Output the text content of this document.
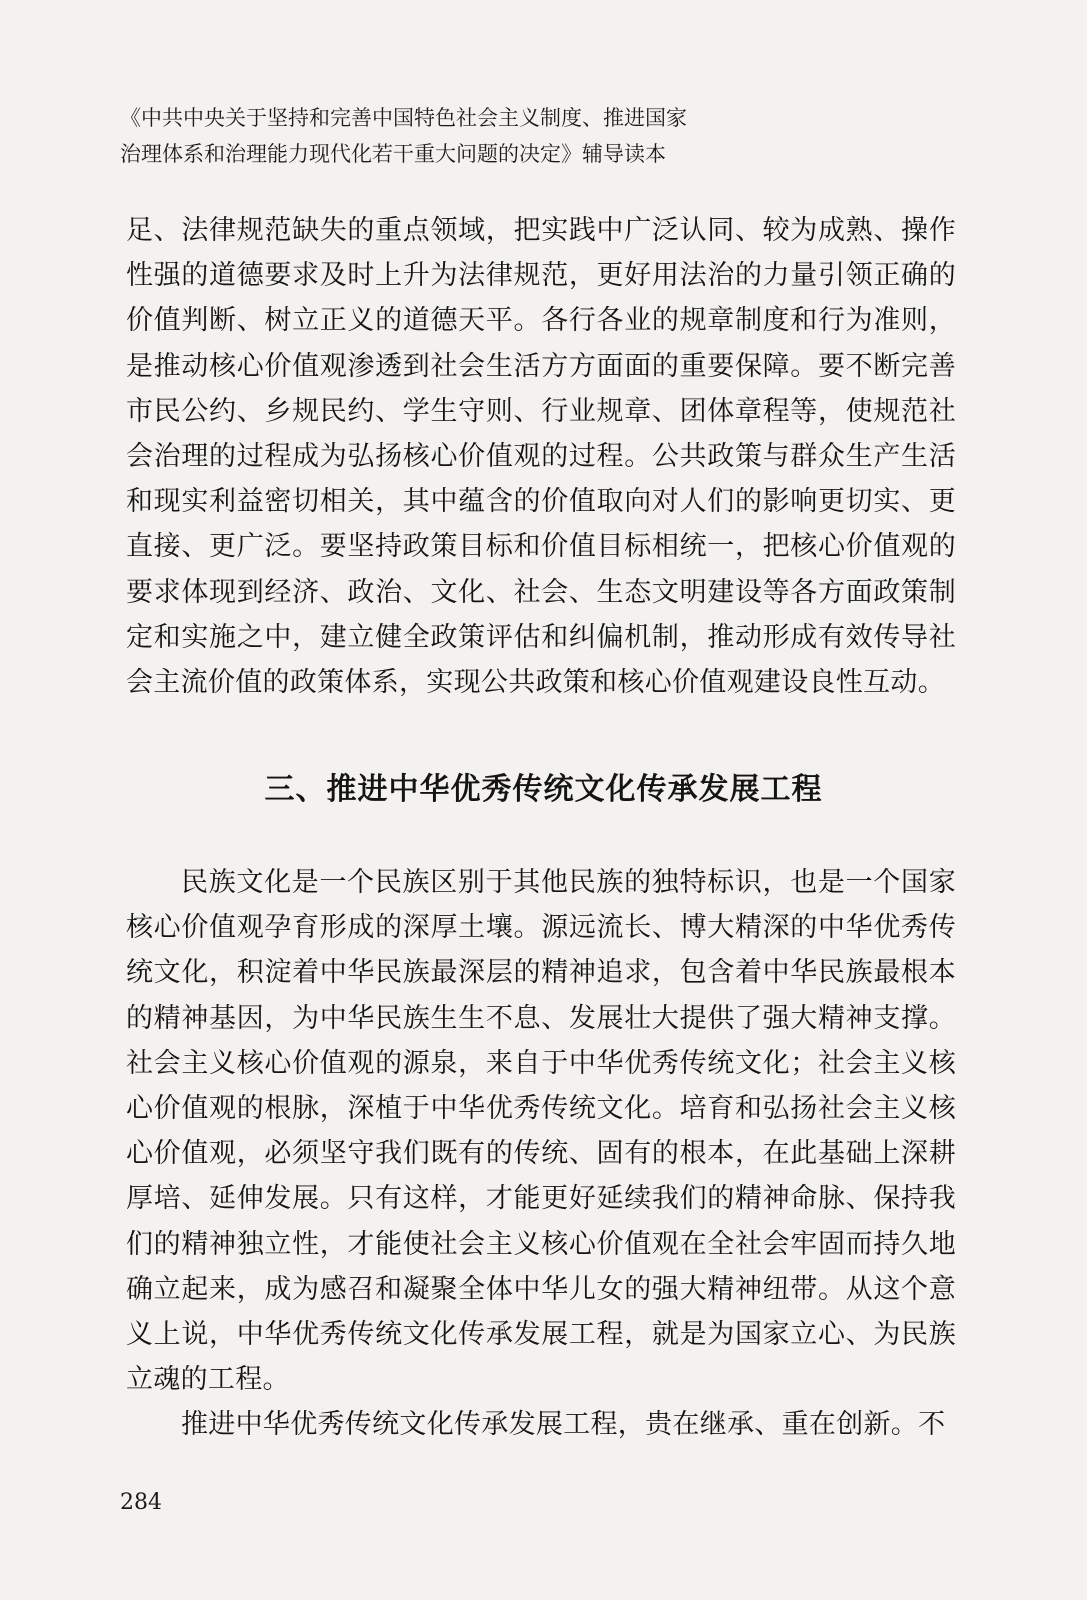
《中共中央关于坚持和完善中国特色社会主义制度、推进国家

治理体系和治理能力现代化若干重大问题的决定》辅导读本

足、法律规范缺失的重点领域，把实践中广泛认同、较为成熟、操作性强的道德要求及时上升为法律规范，更好用法治的力量引领正确的价值判断、树立正义的道德天平。各行各业的规章制度和行为准则，是推动核心价值观渗透到社会生活方方面面的重要保障。要不断完善市民公约、乡规民约、学生守则、行业规章、团体章程等，使规范社会治理的过程成为弘扬核心价值观的过程。公共政策与群众生产生活和现实利益密切相关，其中蕴含的价值取向对人们的影响更切实、更直接、更广泛。要坚持政策目标和价值目标相统一，把核心价值观的要求体现到经济、政治、文化、社会、生态文明建设等各方面政策制定和实施之中，建立健全政策评估和纠偏机制，推动形成有效传导社会主流价值的政策体系，实现公共政策和核心价值观建设良性互动。

三、推进中华优秀传统文化传承发展工程

民族文化是一个民族区别于其他民族的独特标识，也是一个国家核心价值观孕育形成的深厚土壤。源远流长、博大精深的中华优秀传统文化，积淀着中华民族最深层的精神追求，包含着中华民族最根本的精神基因，为中华民族生生不息、发展壮大提供了强大精神支撑。社会主义核心价值观的源泉，来自于中华优秀传统文化；社会主义核心价值观的根脉，深植于中华优秀传统文化。培育和弘扬社会主义核心价值观，必须坚守我们既有的传统、固有的根本，在此基础上深耕厚培、延伸发展。只有这样，才能更好延续我们的精神命脉、保持我们的精神独立性，才能使社会主义核心价值观在全社会牢固而持久地确立起来，成为感召和凝聚全体中华儿女的强大精神纽带。从这个意义上说，中华优秀传统文化传承发展工程，就是为国家立心、为民族立魂的工程。

推进中华优秀传统文化传承发展工程，贵在继承、重在创新。不

284
